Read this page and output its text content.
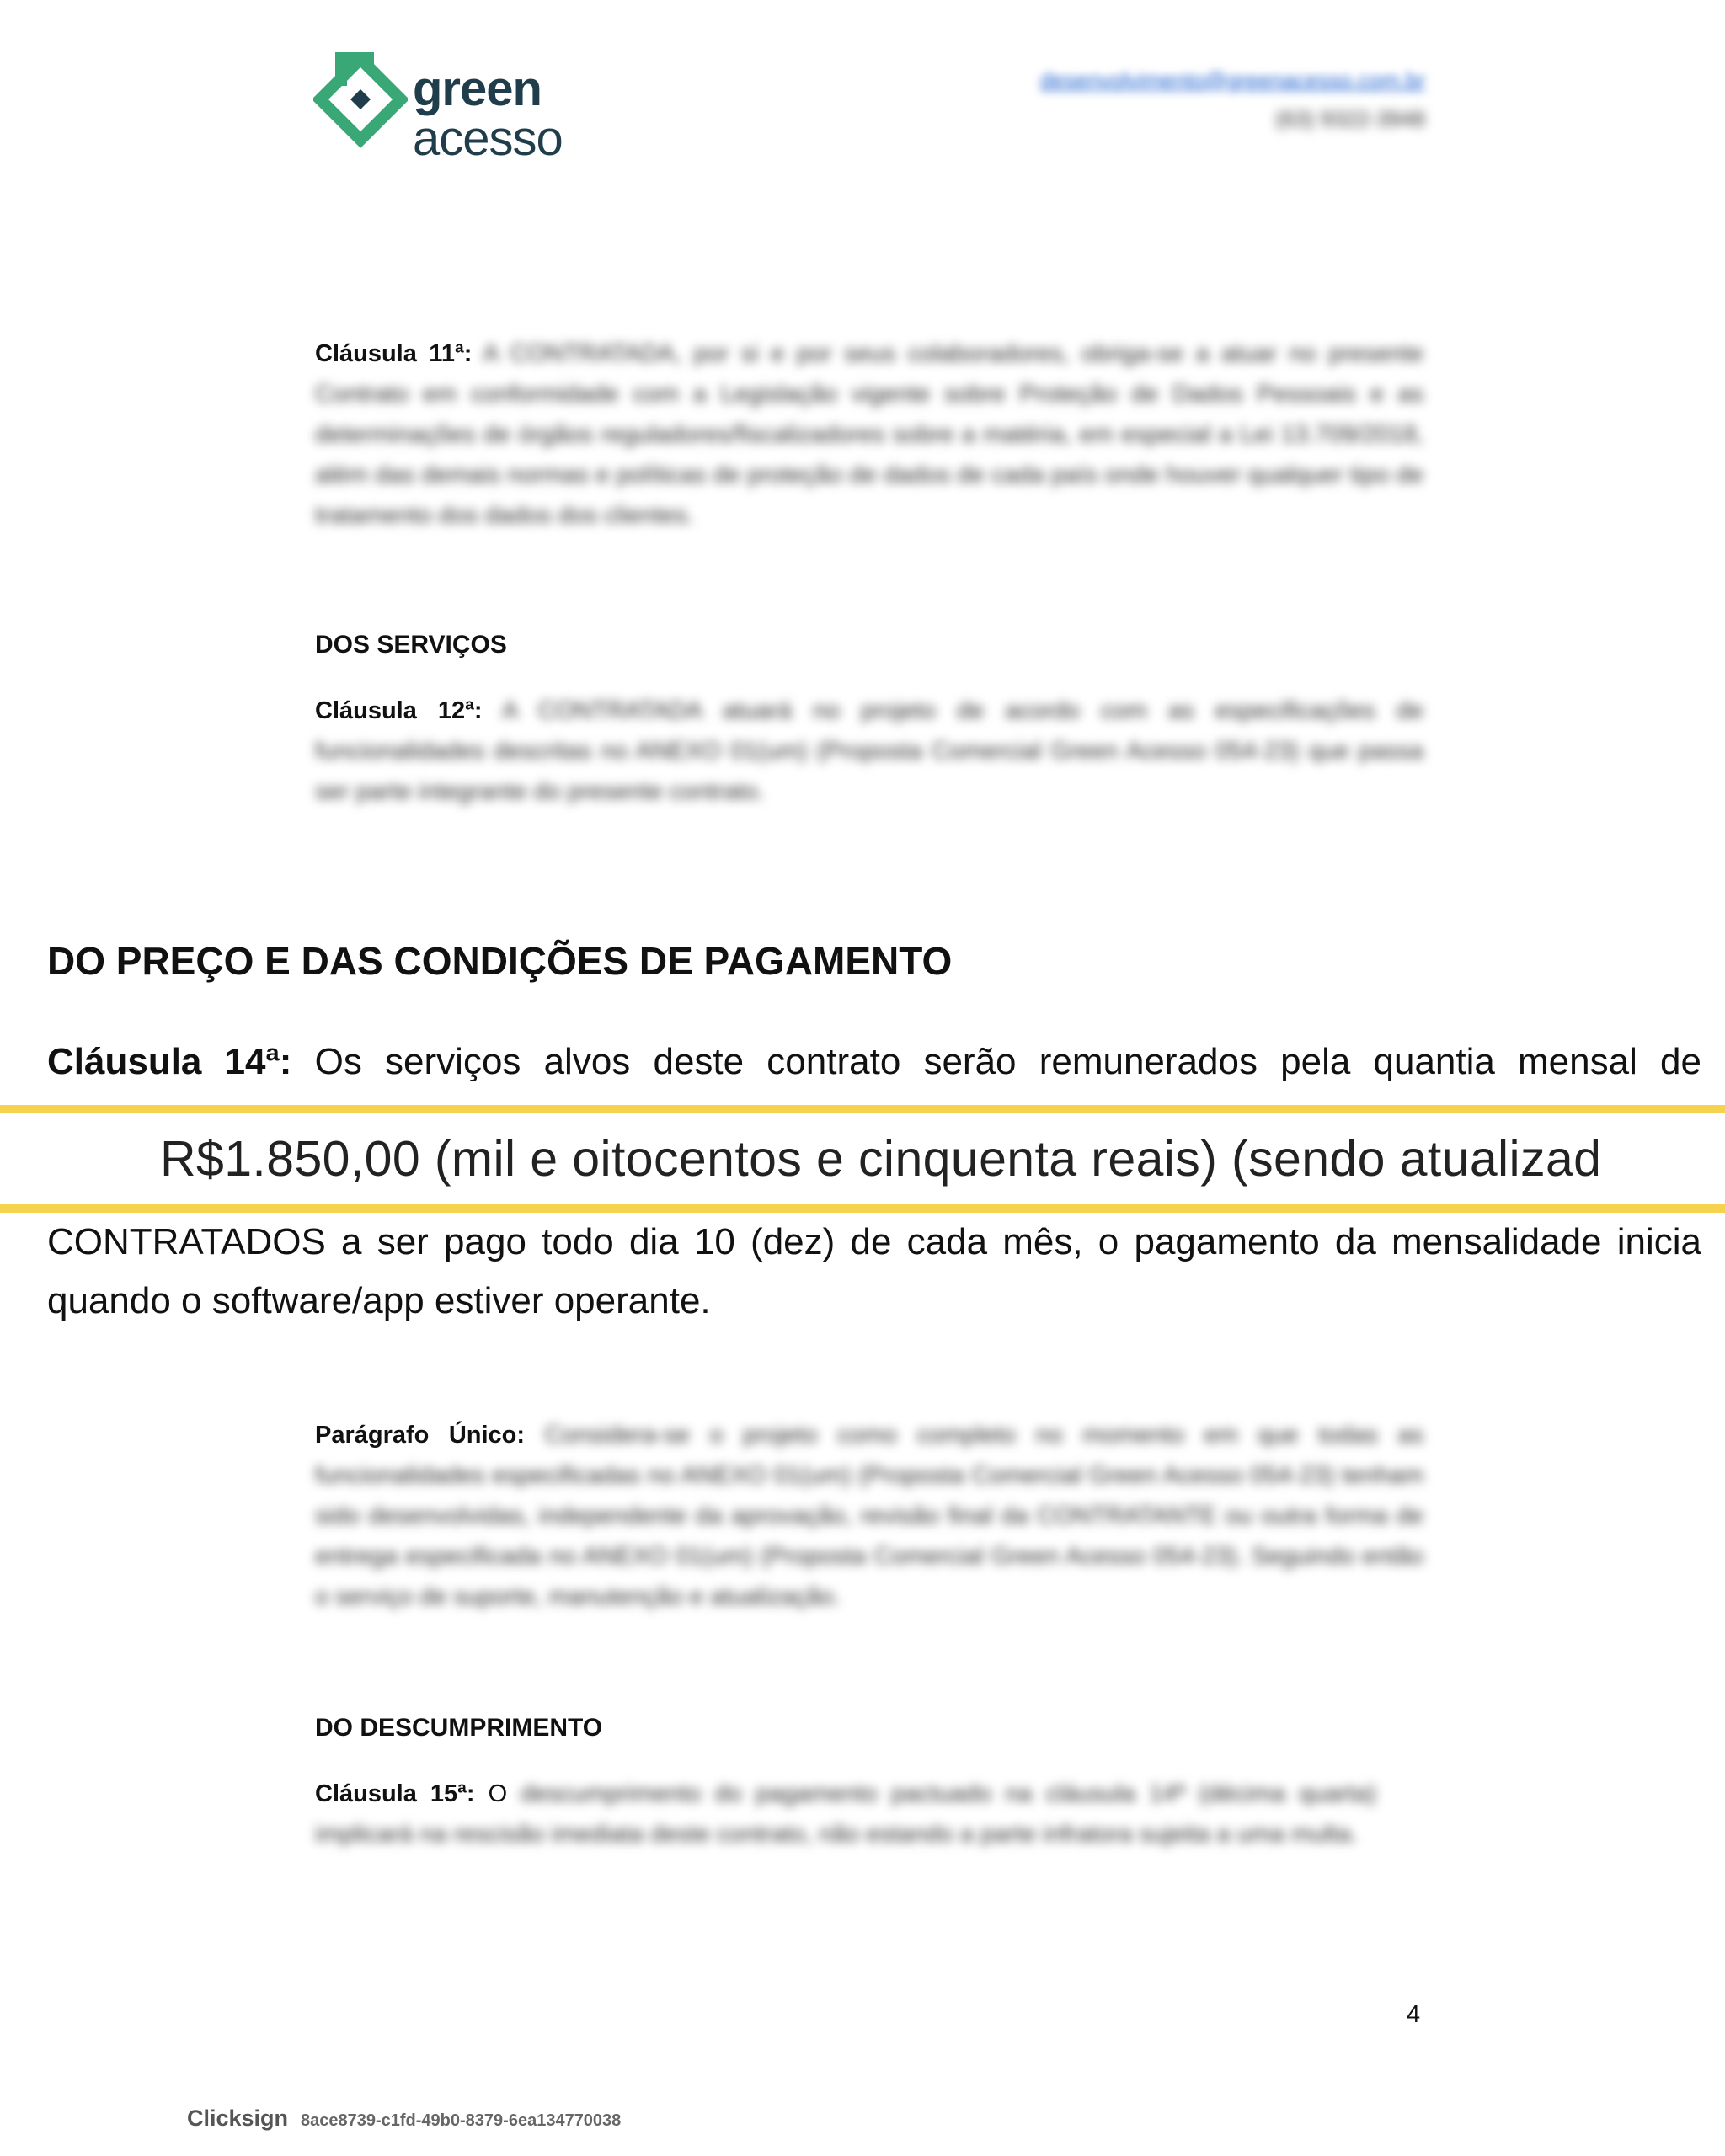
green
acesso
desenvolvimento@greenacesso.com.br
(63) 9322-3948
Cláusula 11ª: A CONTRATADA, por si e por seus colaboradores, obriga-se a atuar no presente Contrato em conformidade com a Legislação vigente sobre Proteção de Dados Pessoais e as determinações de órgãos reguladores/fiscalizadores sobre a matéria, em especial a Lei 13.709/2018, além das demais normas e políticas de proteção de dados de cada país onde houver qualquer tipo de tratamento dos dados dos clientes.
DOS SERVIÇOS
Cláusula 12ª: A CONTRATADA atuará no projeto de acordo com as especificações de funcionalidades descritas no ANEXO 01(um) (Proposta Comercial Green Acesso 054-23) que passa ser parte integrante do presente contrato.
DO PREÇO E DAS CONDIÇÕES DE PAGAMENTO
Cláusula 14ª: Os serviços alvos deste contrato serão remunerados pela quantia mensal de
R$1.850,00 (mil e oitocentos e cinquenta reais) (sendo atualizad
CONTRATADOS a ser pago todo dia 10 (dez) de cada mês, o pagamento da mensalidade inicia quando o software/app estiver operante.
Parágrafo Único: Considera-se o projeto como completo no momento em que todas as funcionalidades especificadas no ANEXO 01(um) (Proposta Comercial Green Acesso 054-23) tenham sido desenvolvidas, independente da aprovação, revisão final da CONTRATANTE ou outra forma de entrega especificada no ANEXO 01(um) (Proposta Comercial Green Acesso 054-23). Seguindo então o serviço de suporte, manutenção e atualização.
DO DESCUMPRIMENTO
Cláusula 15ª: O descumprimento do pagamento pactuado na cláusula 14ª (décima quarta) implicará na rescisão imediata deste contrato, não estando a parte infratora sujeita a uma multa.
4
Clicksign 8ace8739-c1fd-49b0-8379-6ea134770038
